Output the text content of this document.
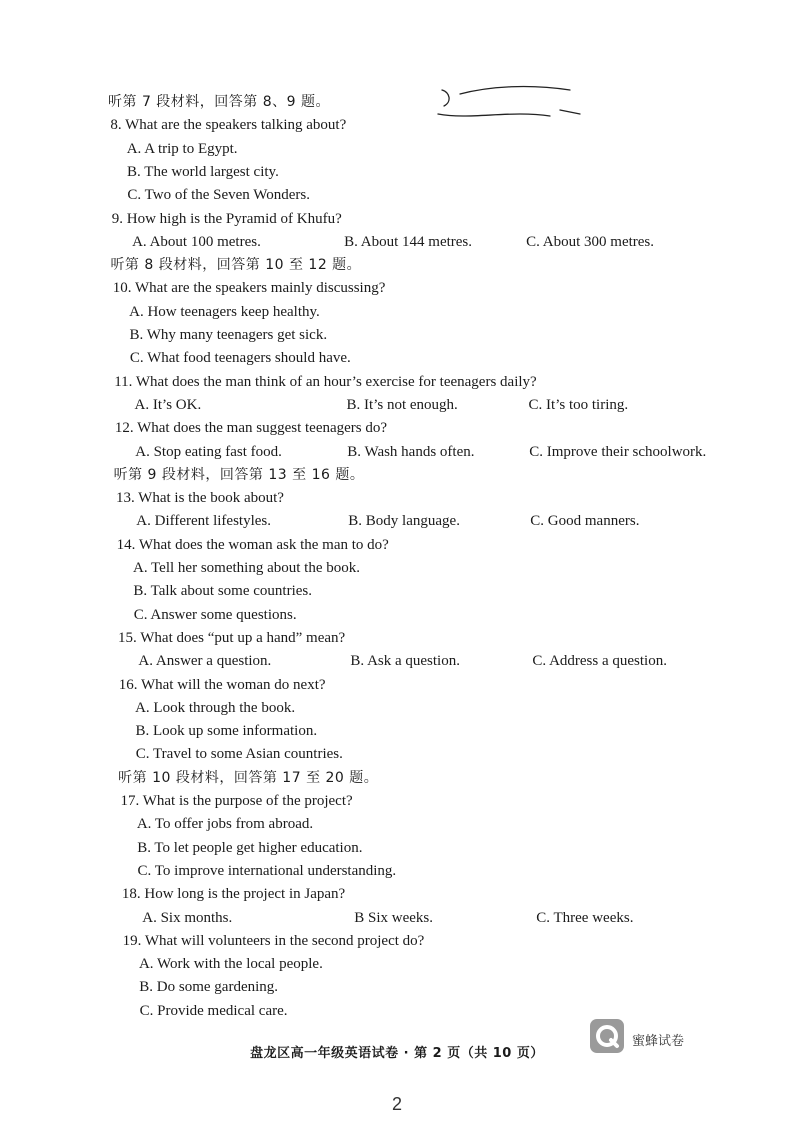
听第 7 段材料，回答第 8、9 题。
8. What are the speakers talking about?
A. A trip to Egypt.
B. The world largest city.
C. Two of the Seven Wonders.
9. How high is the Pyramid of Khufu?
A. About 100 metres.	B. About 144 metres.	C. About 300 metres.
听第 8 段材料，回答第 10 至 12 题。
10. What are the speakers mainly discussing?
A. How teenagers keep healthy.
B. Why many teenagers get sick.
C. What food teenagers should have.
11. What does the man think of an hour’s exercise for teenagers daily?
A. It’s OK.	B. It’s not enough.	C. It’s too tiring.
12. What does the man suggest teenagers do?
A. Stop eating fast food.	B. Wash hands often.	C. Improve their schoolwork.
听第 9 段材料，回答第 13 至 16 题。
13. What is the book about?
A. Different lifestyles.	B. Body language.	C. Good manners.
14. What does the woman ask the man to do?
A. Tell her something about the book.
B. Talk about some countries.
C. Answer some questions.
15. What does “put up a hand” mean?
A. Answer a question.	B. Ask a question.	C. Address a question.
16. What will the woman do next?
A. Look through the book.
B. Look up some information.
C. Travel to some Asian countries.
听第 10 段材料，回答第 17 至 20 题。
17. What is the purpose of the project?
A. To offer jobs from abroad.
B. To let people get higher education.
C. To improve international understanding.
18. How long is the project in Japan?
A. Six months.	B Six weeks.	C. Three weeks.
19. What will volunteers in the second project do?
A. Work with the local people.
B. Do some gardening.
C. Provide medical care.
盘龙区高一年级英语试卷 · 第 2 页（共 10 页）
蜜蜂试卷
2
